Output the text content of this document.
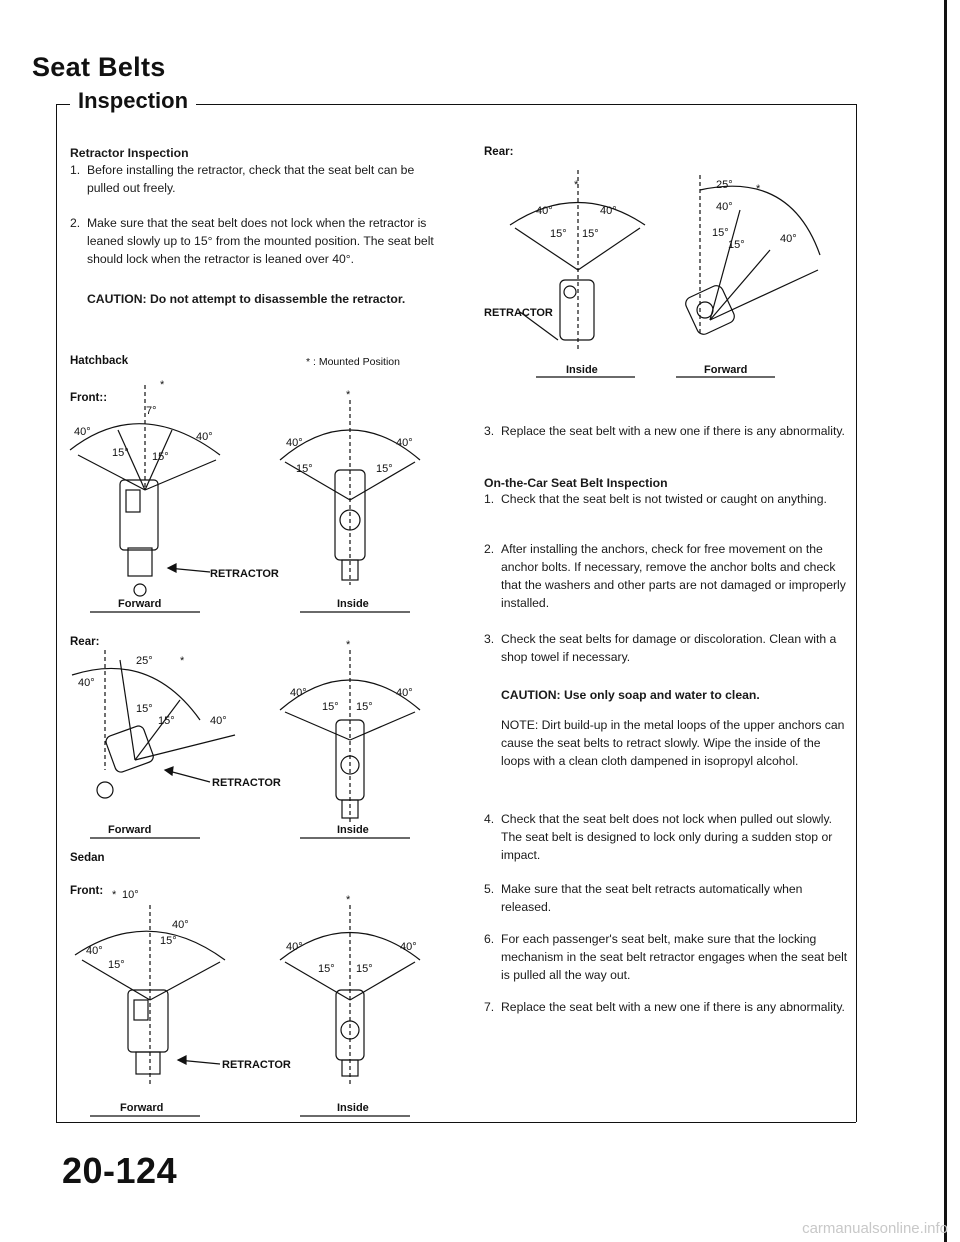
Seat Belts
Inspection
Retractor Inspection
1. Before installing the retractor, check that the seat belt can be pulled out freely.
2. Make sure that the seat belt does not lock when the retractor is leaned slowly up to 15° from the mounted position. The seat belt should lock when the retractor is leaned over 40°.
CAUTION: Do not attempt to disassemble the retractor.
Hatchback	* : Mounted Position
Front::
Rear:
Sedan
Front:
Rear:
3. Replace the seat belt with a new one if there is any abnormality.
On-the-Car Seat Belt Inspection
1. Check that the seat belt is not twisted or caught on anything.
2. After installing the anchors, check for free movement on the anchor bolts. If necessary, remove the anchor bolts and check that the washers and other parts are not damaged or improperly installed.
3. Check the seat belts for damage or discoloration. Clean with a shop towel if necessary.
CAUTION: Use only soap and water to clean.
NOTE: Dirt build-up in the metal loops of the upper anchors can cause the seat belts to retract slowly. Wipe the inside of the loops with a clean cloth dampened in isopropyl alcohol.
4. Check that the seat belt does not lock when pulled out slowly. The seat belt is designed to lock only during a sudden stop or impact.
5. Make sure that the seat belt retracts automatically when released.
6. For each passenger's seat belt, make sure that the locking mechanism in the seat belt retractor engages when the seat belt is pulled all the way out.
7. Replace the seat belt with a new one if there is any abnormality.
*
7°
40°	40°
15° 15°
RETRACTOR
Forward
*
40°	40°
15°	15°
Inside
25° *
40°
15°
15°	40°
RETRACTOR
Forward
*
40°	40°
15° 15°
Inside
* 10°
40°
40°
15°
15°
RETRACTOR
Forward
*
40°	40°
15° 15°
Inside
*
40°	40°
15° 15°
RETRACTOR
Inside
25° *
40°
15°
15°	40°
Forward
20-124
carmanualsonline.info
